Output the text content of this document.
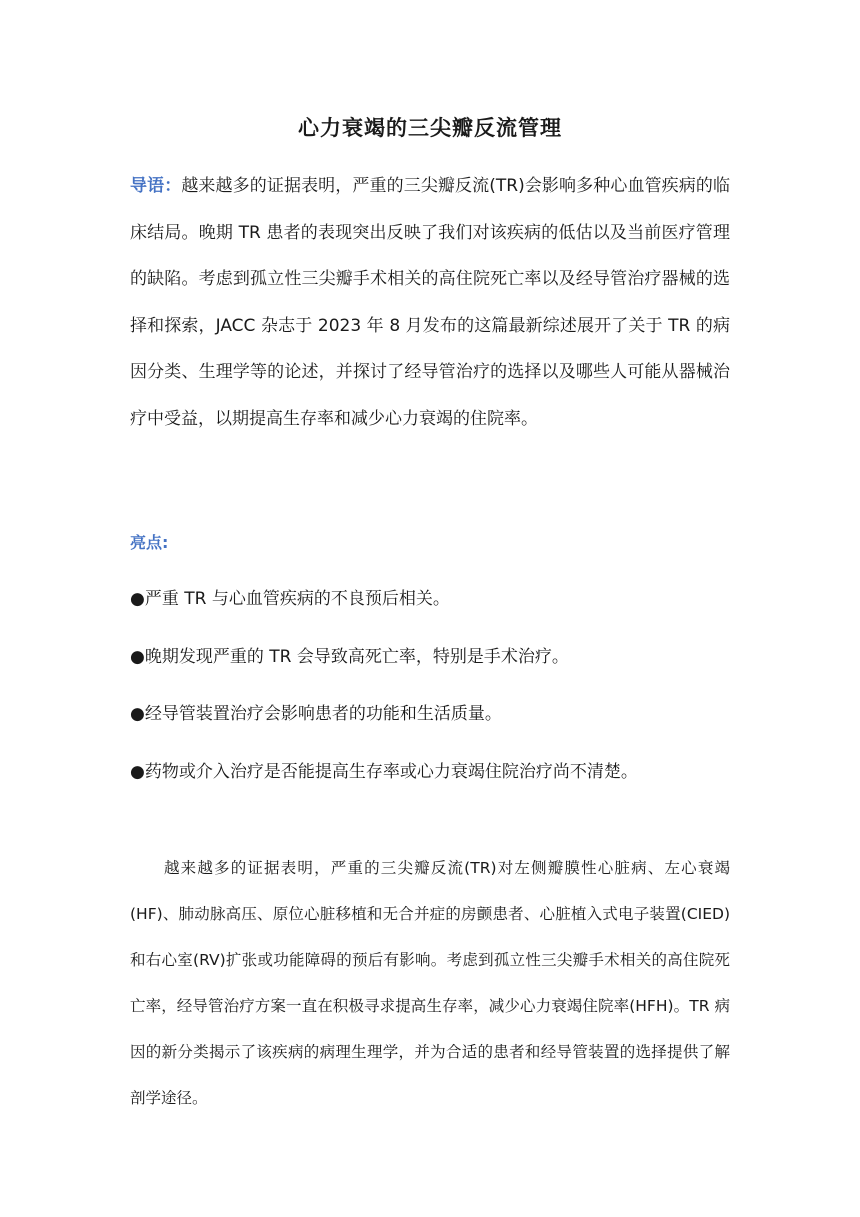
心力衰竭的三尖瓣反流管理
导语：越来越多的证据表明，严重的三尖瓣反流(TR)会影响多种心血管疾病的临床结局。晚期 TR 患者的表现突出反映了我们对该疾病的低估以及当前医疗管理的缺陷。考虑到孤立性三尖瓣手术相关的高住院死亡率以及经导管治疗器械的选择和探索，JACC 杂志于 2023 年 8 月发布的这篇最新综述展开了关于 TR 的病因分类、生理学等的论述，并探讨了经导管治疗的选择以及哪些人可能从器械治疗中受益，以期提高生存率和减少心力衰竭的住院率。
亮点:
●严重 TR 与心血管疾病的不良预后相关。
●晚期发现严重的 TR 会导致高死亡率，特别是手术治疗。
●经导管装置治疗会影响患者的功能和生活质量。
●药物或介入治疗是否能提高生存率或心力衰竭住院治疗尚不清楚。
越来越多的证据表明，严重的三尖瓣反流(TR)对左侧瓣膜性心脏病、左心衰竭(HF)、肺动脉高压、原位心脏移植和无合并症的房颤患者、心脏植入式电子装置(CIED)和右心室(RV)扩张或功能障碍的预后有影响。考虑到孤立性三尖瓣手术相关的高住院死亡率，经导管治疗方案一直在积极寻求提高生存率，减少心力衰竭住院率(HFH)。TR 病因的新分类揭示了该疾病的病理生理学，并为合适的患者和经导管装置的选择提供了解剖学途径。
